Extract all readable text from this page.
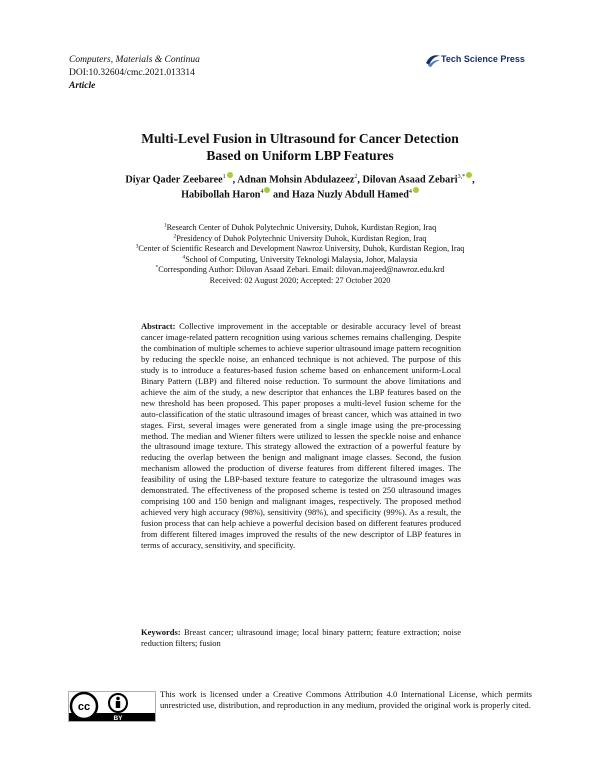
Computers, Materials & Continua
DOI:10.32604/cmc.2021.013314
Article
Tech Science Press
Multi-Level Fusion in Ultrasound for Cancer Detection
Based on Uniform LBP Features
Diyar Qader Zeebaree$^1$ , Adnan Mohsin Abdulazeez$^2$, Dilovan Asaad Zebari$^{3,*}$ ,
Habibollah Haron$^4$ and Haza Nuzly Abdull Hamed$^4$
$^1$Research Center of Duhok Polytechnic University, Duhok, Kurdistan Region, Iraq
$^2$Presidency of Duhok Polytechnic University Duhok, Kurdistan Region, Iraq
$^3$Center of Scientific Research and Development Nawroz University, Duhok, Kurdistan Region, Iraq
$^4$School of Computing, University Teknologi Malaysia, Johor, Malaysia
*Corresponding Author: Dilovan Asaad Zebari. Email: dilovan.majeed@nawroz.edu.krd
Received: 02 August 2020; Accepted: 27 October 2020
Abstract: Collective improvement in the acceptable or desirable accuracy level of breast cancer image-related pattern recognition using various schemes remains challenging. Despite the combination of multiple schemes to achieve superior ultrasound image pattern recognition by reducing the speckle noise, an enhanced technique is not achieved. The purpose of this study is to introduce a features-based fusion scheme based on enhancement uniform-Local Binary Pattern (LBP) and filtered noise reduction. To surmount the above limitations and achieve the aim of the study, a new descriptor that enhances the LBP features based on the new threshold has been proposed. This paper proposes a multi-level fusion scheme for the auto-classification of the static ultrasound images of breast cancer, which was attained in two stages. First, several images were generated from a single image using the pre-processing method. The median and Wiener filters were utilized to lessen the speckle noise and enhance the ultrasound image texture. This strategy allowed the extraction of a powerful feature by reducing the overlap between the benign and malignant image classes. Second, the fusion mechanism allowed the production of diverse features from different filtered images. The feasibility of using the LBP-based texture feature to categorize the ultrasound images was demonstrated. The effectiveness of the proposed scheme is tested on 250 ultrasound images comprising 100 and 150 benign and malignant images, respectively. The proposed method achieved very high accuracy (98%), sensitivity (98%), and specificity (99%). As a result, the fusion process that can help achieve a powerful decision based on different features produced from different filtered images improved the results of the new descriptor of LBP features in terms of accuracy, sensitivity, and specificity.
Keywords: Breast cancer; ultrasound image; local binary pattern; feature extraction; noise reduction filters; fusion
cc
BY
This work is licensed under a Creative Commons Attribution 4.0 International License, which permits unrestricted use, distribution, and reproduction in any medium, provided the original work is properly cited.
